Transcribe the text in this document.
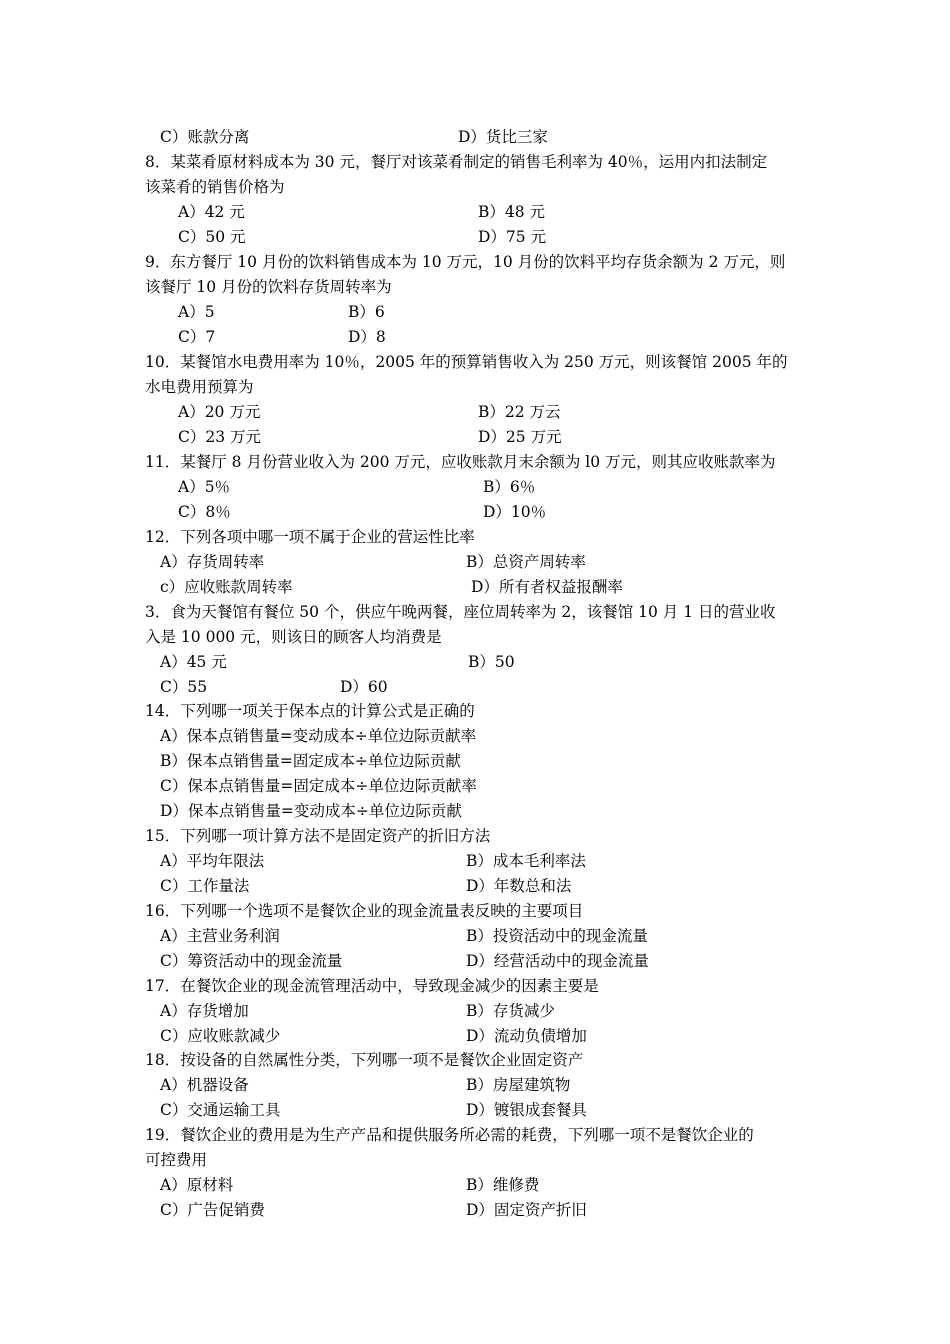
C）账款分离	D）货比三家
8．某菜肴原材料成本为 30 元，餐厅对该菜肴制定的销售毛利率为 40％，运用内扣法制定
该菜肴的销售价格为
A）42 元	B）48 元
C）50 元	D）75 元
9．东方餐厅 10 月份的饮料销售成本为 10 万元，10 月份的饮料平均存货余额为 2 万元，则
该餐厅 10 月份的饮料存货周转率为
A）5	B）6
C）7	D）8
10．某餐馆水电费用率为 10％，2005 年的预算销售收入为 250 万元，则该餐馆 2005 年的
水电费用预算为
A）20 万元	B）22 万云
C）23 万元	D）25 万元
11．某餐厅 8 月份营业收入为 200 万元，应收账款月末余额为 l0 万元，则其应收账款率为
A）5％	B）6％
C）8％	D）10％
12．下列各项中哪一项不属于企业的营运性比率
A）存货周转率	B）总资产周转率
c）应收账款周转率	D）所有者权益报酬率
3．食为天餐馆有餐位 50 个，供应午晚两餐，座位周转率为 2，该餐馆 10 月 1 日的营业收
入是 10 000 元，则该日的顾客人均消费是
A）45 元	B）50
C）55	D）60
14．下列哪一项关于保本点的计算公式是正确的
A）保本点销售量=变动成本÷单位边际贡献率
B）保本点销售量=固定成本÷单位边际贡献
C）保本点销售量=固定成本÷单位边际贡献率
D）保本点销售量=变动成本÷单位边际贡献
15．下列哪一项计算方法不是固定资产的折旧方法
A）平均年限法	B）成本毛利率法
C）工作量法	D）年数总和法
16．下列哪一个选项不是餐饮企业的现金流量表反映的主要项目
A）主营业务利润	B）投资活动中的现金流量
C）筹资活动中的现金流量	D）经营活动中的现金流量
17．在餐饮企业的现金流管理活动中，导致现金减少的因素主要是
A）存货增加	B）存货减少
C）应收账款减少	D）流动负债增加
18．按设备的自然属性分类，下列哪一项不是餐饮企业固定资产
A）机器设备	B）房屋建筑物
C）交通运输工具	D）镀银成套餐具
19．餐饮企业的费用是为生产产品和提供服务所必需的耗费，下列哪一项不是餐饮企业的
可控费用
A）原材料	B）维修费
C）广告促销费	D）固定资产折旧
